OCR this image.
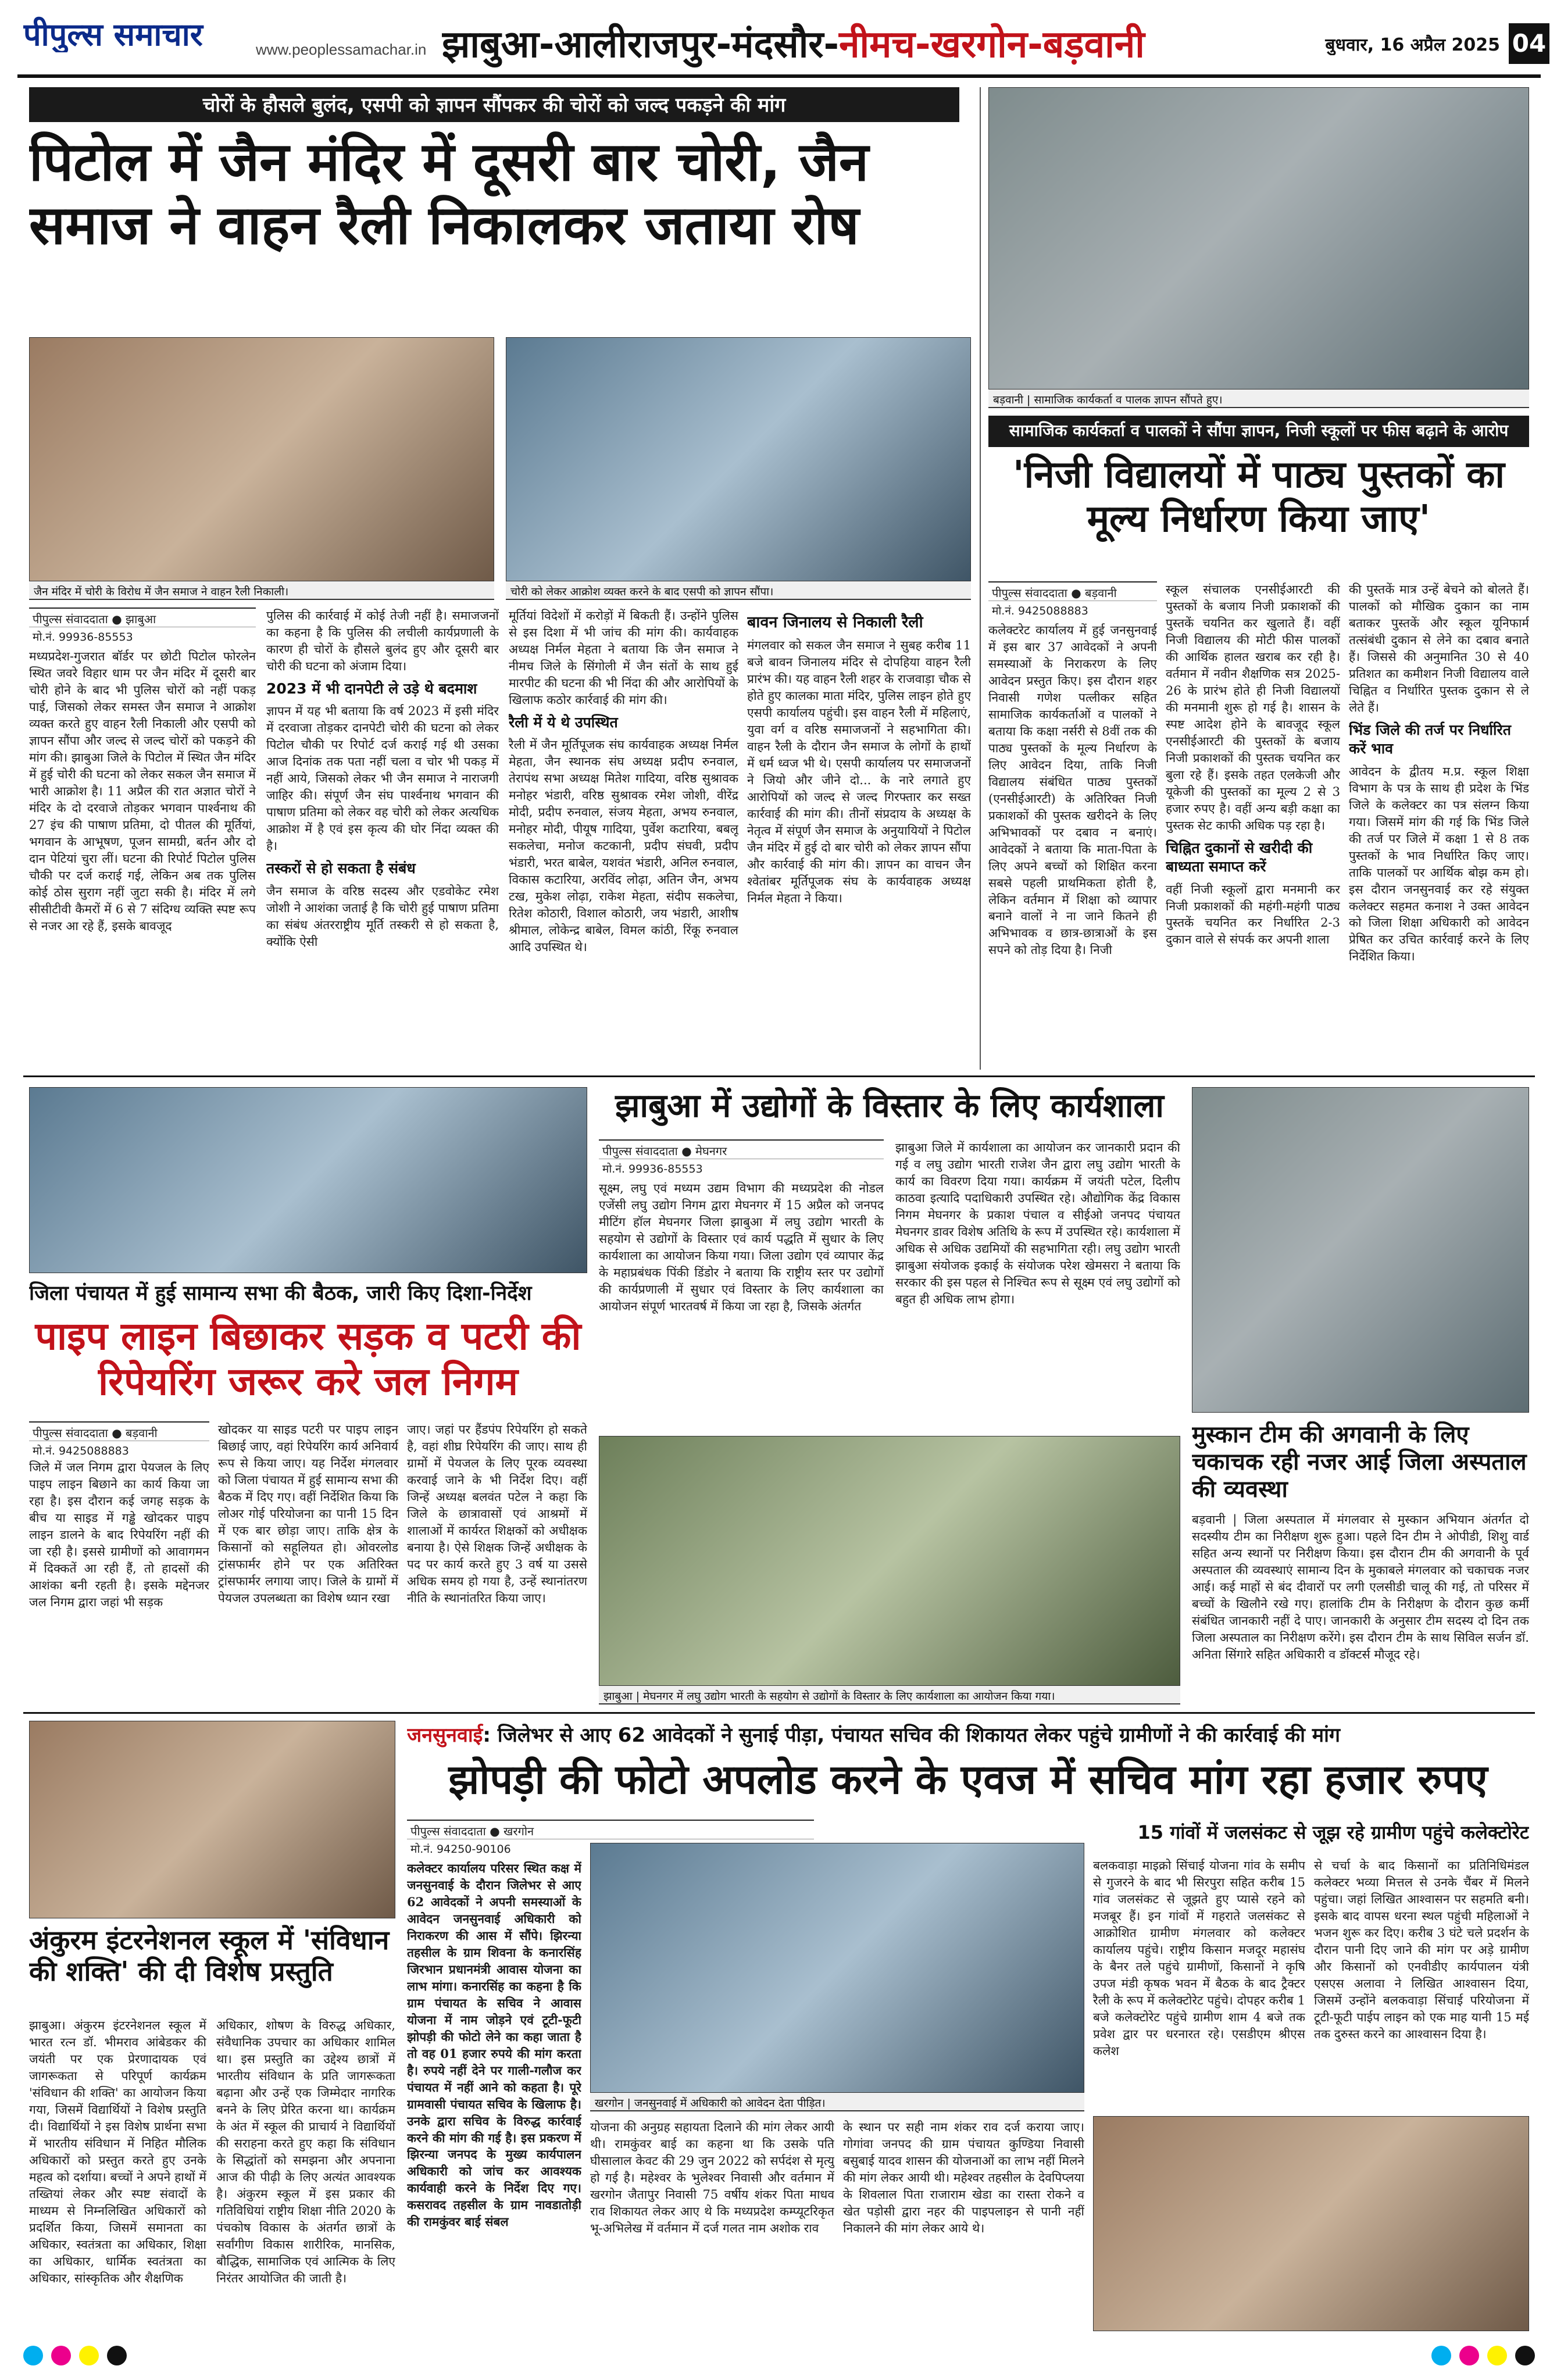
पीपुल्स समाचार	www.peoplessamachar.in झाबुआ-आलीराजपुर-मंदसौर-नीमच-खरगोन-बड़वानी	बुधवार, 16 अप्रैल 2025 04
चोरों के हौसले बुलंद, एसपी को ज्ञापन सौंपकर की चोरों को जल्द पकड़ने की मांग
पिटोल में जैन मंदिर में दूसरी बार चोरी, जैन समाज ने वाहन रैली निकालकर जताया रोष
जैन मंदिर में चोरी के विरोध में जैन समाज ने वाहन रैली निकाली।	चोरी को लेकर आक्रोश व्यक्त करने के बाद एसपी को ज्ञापन सौंपा।
पीपुल्स संवाददाता ● झाबुआ
मो.नं. 99936-85553
मध्यप्रदेश-गुजरात बॉर्डर पर छोटी पिटोल फोरलेन स्थित जवरे विहार धाम पर जैन मंदिर में दूसरी बार चोरी होने के बाद भी पुलिस चोरों को नहीं पकड़ पाई, जिसको लेकर समस्त जैन समाज ने आक्रोश व्यक्त करते हुए वाहन रैली निकाली और एसपी को ज्ञापन सौंपा और जल्द से जल्द चोरों को पकड़ने की मांग की। झाबुआ जिले के पिटोल में स्थित जैन मंदिर में हुई चोरी की घटना को लेकर सकल जैन समाज में भारी आक्रोश है। 11 अप्रैल की रात अज्ञात चोरों ने मंदिर के दो दरवाजे तोड़कर भगवान पार्श्वनाथ की 27 इंच की पाषाण प्रतिमा, दो पीतल की मूर्तियां, भगवान के आभूषण, पूजन सामग्री, बर्तन और दो दान पेटियां चुरा लीं। घटना की रिपोर्ट पिटोल पुलिस चौकी पर दर्ज कराई गई, लेकिन अब तक पुलिस कोई ठोस सुराग नहीं जुटा सकी है। मंदिर में लगे सीसीटीवी कैमरों में 6 से 7 संदिग्ध व्यक्ति स्पष्ट रूप से नजर आ रहे हैं, इसके बावजूद
पुलिस की कार्रवाई में कोई तेजी नहीं है। समाजजनों का कहना है कि पुलिस की लचीली कार्यप्रणाली के कारण ही चोरों के हौसले बुलंद हुए और दूसरी बार चोरी की घटना को अंजाम दिया।
2023 में भी दानपेटी ले उड़े थे बदमाश
ज्ञापन में यह भी बताया कि वर्ष 2023 में इसी मंदिर में दरवाजा तोड़कर दानपेटी चोरी की घटना को लेकर पिटोल चौकी पर रिपोर्ट दर्ज कराई गई थी उसका आज दिनांक तक पता नहीं चला व चोर भी पकड़ में नहीं आये, जिसको लेकर भी जैन समाज ने नाराजगी जाहिर की। संपूर्ण जैन संघ पार्श्वनाथ भगवान की पाषाण प्रतिमा को लेकर वह चोरी को लेकर अत्यधिक आक्रोश में है एवं इस कृत्य की घोर निंदा व्यक्त की है।
तस्करों से हो सकता है संबंध
जैन समाज के वरिष्ठ सदस्य और एडवोकेट रमेश जोशी ने आशंका जताई है कि चोरी हुई पाषाण प्रतिमा का संबंध अंतरराष्ट्रीय मूर्ति तस्करी से हो सकता है, क्योंकि ऐसी
मूर्तियां विदेशों में करोड़ों में बिकती हैं। उन्होंने पुलिस से इस दिशा में भी जांच की मांग की। कार्यवाहक अध्यक्ष निर्मल मेहता ने बताया कि जैन समाज ने नीमच जिले के सिंगोली में जैन संतों के साथ हुई मारपीट की घटना की भी निंदा की और आरोपियों के खिलाफ कठोर कार्रवाई की मांग की।
रैली में ये थे उपस्थित
रैली में जैन मूर्तिपूजक संघ कार्यवाहक अध्यक्ष निर्मल मेहता, जैन स्थानक संघ अध्यक्ष प्रदीप रुनवाल, तेरापंथ सभा अध्यक्ष मितेश गादिया, वरिष्ठ सुश्रावक मनोहर भंडारी, वरिष्ठ सुश्रावक रमेश जोशी, वीरेंद्र मोदी, प्रदीप रुनवाल, संजय मेहता, अभय रुनवाल, मनोहर मोदी, पीयूष गादिया, पुर्वेश कटारिया, बबलू सकलेचा, मनोज कटकानी, प्रदीप संघवी, प्रदीप भंडारी, भरत बाबेल, यशवंत भंडारी, अनिल रुनवाल, विकास कटारिया, अरविंद लोढ़ा, अतिन जैन, अभय टख, मुकेश लोढ़ा, राकेश मेहता, संदीप सकलेचा, रितेश कोठारी, विशाल कोठारी, जय भंडारी, आशीष श्रीमाल, लोकेन्द्र बाबेल, विमल कांठी, रिंकू रुनवाल आदि उपस्थित थे।
बावन जिनालय से निकाली रैली
मंगलवार को सकल जैन समाज ने सुबह करीब 11 बजे बावन जिनालय मंदिर से दोपहिया वाहन रैली प्रारंभ की। यह वाहन रैली शहर के राजवाड़ा चौक से होते हुए कालका माता मंदिर, पुलिस लाइन होते हुए एसपी कार्यालय पहुंची। इस वाहन रैली में महिलाएं, युवा वर्ग व वरिष्ठ समाजजनों ने सहभागिता की। वाहन रैली के दौरान जैन समाज के लोगों के हाथों में धर्म ध्वज भी थे। एसपी कार्यालय पर समाजजनों ने जियो और जीने दो... के नारे लगाते हुए आरोपियों को जल्द से जल्द गिरफ्तार कर सख्त कार्रवाई की मांग की। तीनों संप्रदाय के अध्यक्ष के नेतृत्व में संपूर्ण जैन समाज के अनुयायियों ने पिटोल जैन मंदिर में हुई दो बार चोरी को लेकर ज्ञापन सौंपा और कार्रवाई की मांग की। ज्ञापन का वाचन जैन श्वेतांबर मूर्तिपूजक संघ के कार्यवाहक अध्यक्ष निर्मल मेहता ने किया।
बड़वानी | सामाजिक कार्यकर्ता व पालक ज्ञापन सौंपते हुए।
सामाजिक कार्यकर्ता व पालकों ने सौंपा ज्ञापन, निजी स्कूलों पर फीस बढ़ाने के आरोप
'निजी विद्यालयों में पाठ्य पुस्तकों का मूल्य निर्धारण किया जाए'
पीपुल्स संवाददाता ● बड़वानी
मो.नं. 9425088883
कलेक्टरेट कार्यालय में हुई जनसुनवाई में इस बार 37 आवेदकों ने अपनी समस्याओं के निराकरण के लिए आवेदन प्रस्तुत किए। इस दौरान शहर निवासी गणेश पत्लीकर सहित सामाजिक कार्यकर्ताओं व पालकों ने बताया कि कक्षा नर्सरी से 8वीं तक की पाठ्य पुस्तकों के मूल्य निर्धारण के लिए आवेदन दिया, ताकि निजी विद्यालय संबंधित पाठ्य पुस्तकों (एनसीईआरटी) के अतिरिक्त निजी प्रकाशकों की पुस्तक खरीदने के लिए अभिभावकों पर दबाव न बनाएं। आवेदकों ने बताया कि माता-पिता के लिए अपने बच्चों को शिक्षित करना सबसे पहली प्राथमिकता होती है, लेकिन वर्तमान में शिक्षा को व्यापार बनाने वालों ने ना जाने कितने ही अभिभावक व छात्र-छात्राओं के इस सपने को तोड़ दिया है। निजी
स्कूल संचालक एनसीईआरटी की पुस्तकों के बजाय निजी प्रकाशकों की पुस्तकें चयनित कर खुलाते हैं। वहीं निजी विद्यालय की मोटी फीस पालकों की आर्थिक हालत खराब कर रही है। वर्तमान में नवीन शैक्षणिक सत्र 2025-26 के प्रारंभ होते ही निजी विद्यालयों की मनमानी शुरू हो गई है। शासन के स्पष्ट आदेश होने के बावजूद स्कूल एनसीईआरटी की पुस्तकों के बजाय निजी प्रकाशकों की पुस्तक चयनित कर बुला रहे हैं। इसके तहत एलकेजी और यूकेजी की पुस्तकों का मूल्य 2 से 3 हजार रुपए है। वहीं अन्य बड़ी कक्षा का पुस्तक सेट काफी अधिक पड़ रहा है।
चिह्नित दुकानों से खरीदी की बाध्यता समाप्त करें
वहीं निजी स्कूलों द्वारा मनमानी कर निजी प्रकाशकों की महंगी-महंगी पाठ्य पुस्तकें चयनित कर निर्धारित 2-3 दुकान वाले से संपर्क कर अपनी शाला
की पुस्तकें मात्र उन्हें बेचने को बोलते हैं। पालकों को मौखिक दुकान का नाम बताकर पुस्तकें और स्कूल यूनिफार्म तत्संबंधी दुकान से लेने का दबाव बनाते हैं। जिससे की अनुमानित 30 से 40 प्रतिशत का कमीशन निजी विद्यालय वाले चिह्नित व निर्धारित पुस्तक दुकान से ले लेते हैं।
भिंड जिले की तर्ज पर निर्धारित करें भाव
आवेदन के द्वीतय म.प्र. स्कूल शिक्षा विभाग के पत्र के साथ ही प्रदेश के भिंड जिले के कलेक्टर का पत्र संलग्न किया गया। जिसमें मांग की गई कि भिंड जिले की तर्ज पर जिले में कक्षा 1 से 8 तक पुस्तकों के भाव निर्धारित किए जाए। ताकि पालकों पर आर्थिक बोझ कम हो। इस दौरान जनसुनवाई कर रहे संयुक्त कलेक्टर सहमत कनाश ने उक्त आवेदन को जिला शिक्षा अधिकारी को आवेदन प्रेषित कर उचित कार्रवाई करने के लिए निर्देशित किया।
जिला पंचायत में हुई सामान्य सभा की बैठक, जारी किए दिशा-निर्देश
पाइप लाइन बिछाकर सड़क व पटरी की रिपेयरिंग जरूर करे जल निगम
पीपुल्स संवाददाता ● बड़वानी
मो.नं. 9425088883
जिले में जल निगम द्वारा पेयजल के लिए पाइप लाइन बिछाने का कार्य किया जा रहा है। इस दौरान कई जगह सड़क के बीच या साइड में गड्ढे खोदकर पाइप लाइन डालने के बाद रिपेयरिंग नहीं की जा रही है। इससे ग्रामीणों को आवागमन में दिक्कतें आ रही हैं, तो हादसों की आशंका बनी रहती है। इसके मद्देनजर जल निगम द्वारा जहां भी सड़क
खोदकर या साइड पटरी पर पाइप लाइन बिछाई जाए, वहां रिपेयरिंग कार्य अनिवार्य रूप से किया जाए। यह निर्देश मंगलवार को जिला पंचायत में हुई सामान्य सभा की बैठक में दिए गए। वहीं निर्देशित किया कि लोअर गोई परियोजना का पानी 15 दिन में एक बार छोड़ा जाए। ताकि क्षेत्र के किसानों को सहूलियत हो। ओवरलोड ट्रांसफार्मर होने पर एक अतिरिक्त ट्रांसफार्मर लगाया जाए। जिले के ग्रामों में पेयजल उपलब्धता का विशेष ध्यान रखा
जाए। जहां पर हैंडपंप रिपेयरिंग हो सकते है, वहां शीघ्र रिपेयरिंग की जाए। साथ ही ग्रामों में पेयजल के लिए पूरक व्यवस्था करवाई जाने के भी निर्देश दिए। वहीं जिन्हें अध्यक्ष बलवंत पटेल ने कहा कि जिले के छात्रावासों एवं आश्रमों में शालाओं में कार्यरत शिक्षकों को अधीक्षक बनाया है। ऐसे शिक्षक जिन्हें अधीक्षक के पद पर कार्य करते हुए 3 वर्ष या उससे अधिक समय हो गया है, उन्हें स्थानांतरण नीति के स्थानांतरित किया जाए।
झाबुआ में उद्योगों के विस्तार के लिए कार्यशाला
पीपुल्स संवाददाता ● मेघनगर
मो.नं. 99936-85553
सूक्ष्म, लघु एवं मध्यम उद्यम विभाग की मध्यप्रदेश की नोडल एजेंसी लघु उद्योग निगम द्वारा मेघनगर में 15 अप्रैल को जनपद मीटिंग हॉल मेघनगर जिला झाबुआ में लघु उद्योग भारती के सहयोग से उद्योगों के विस्तार एवं कार्य पद्धति में सुधार के लिए कार्यशाला का आयोजन किया गया। जिला उद्योग एवं व्यापार केंद्र के महाप्रबंधक पिंकी डिंडोर ने बताया कि राष्ट्रीय स्तर पर उद्योगों की कार्यप्रणाली में सुधार एवं विस्तार के लिए कार्यशाला का आयोजन संपूर्ण भारतवर्ष में किया जा रहा है, जिसके अंतर्गत
झाबुआ जिले में कार्यशाला का आयोजन कर जानकारी प्रदान की गई व लघु उद्योग भारती राजेश जैन द्वारा लघु उद्योग भारती के कार्य का विवरण दिया गया। कार्यक्रम में जयंती पटेल, दिलीप काठवा इत्यादि पदाधिकारी उपस्थित रहे। औद्योगिक केंद्र विकास निगम मेघनगर के प्रकाश पंचाल व सीईओ जनपद पंचायत मेघनगर डावर विशेष अतिथि के रूप में उपस्थित रहे। कार्यशाला में अधिक से अधिक उद्यमियों की सहभागिता रही। लघु उद्योग भारती झाबुआ संयोजक इकाई के संयोजक परेश खेमसरा ने बताया कि सरकार की इस पहल से निश्चित रूप से सूक्ष्म एवं लघु उद्योगों को बहुत ही अधिक लाभ होगा।
झाबुआ | मेघनगर में लघु उद्योग भारती के सहयोग से उद्योगों के विस्तार के लिए कार्यशाला का आयोजन किया गया।
मुस्कान टीम की अगवानी के लिए चकाचक रही नजर आई जिला अस्पताल की व्यवस्था
बड़वानी | जिला अस्पताल में मंगलवार से मुस्कान अभियान अंतर्गत दो सदस्यीय टीम का निरीक्षण शुरू हुआ। पहले दिन टीम ने ओपीडी, शिशु वार्ड सहित अन्य स्थानों पर निरीक्षण किया। इस दौरान टीम की अगवानी के पूर्व अस्पताल की व्यवस्थाएं सामान्य दिन के मुकाबले मंगलवार को चकाचक नजर आई। कई माहों से बंद दीवारों पर लगी एलसीडी चालू की गई, तो परिसर में बच्चों के खिलौने रखे गए। हालांकि टीम के निरीक्षण के दौरान कुछ कर्मी संबंधित जानकारी नहीं दे पाए। जानकारी के अनुसार टीम सदस्य दो दिन तक जिला अस्पताल का निरीक्षण करेंगे। इस दौरान टीम के साथ सिविल सर्जन डॉ. अनिता सिंगारे सहित अधिकारी व डॉक्टर्स मौजूद रहे।
जनसुनवाई: जिलेभर से आए 62 आवेदकों ने सुनाई पीड़ा, पंचायत सचिव की शिकायत लेकर पहुंचे ग्रामीणों ने की कार्रवाई की मांग
झोपड़ी की फोटो अपलोड करने के एवज में सचिव मांग रहा हजार रुपए
अंकुरम इंटरनेशनल स्कूल में 'संविधान की शक्ति' की दी विशेष प्रस्तुति
झाबुआ। अंकुरम इंटरनेशनल स्कूल में भारत रत्न डॉ. भीमराव आंबेडकर की जयंती पर एक प्रेरणादायक एवं जागरूकता से परिपूर्ण कार्यक्रम 'संविधान की शक्ति' का आयोजन किया गया, जिसमें विद्यार्थियों ने विशेष प्रस्तुति दी। विद्यार्थियों ने इस विशेष प्रार्थना सभा में भारतीय संविधान में निहित मौलिक अधिकारों को प्रस्तुत करते हुए उनके महत्व को दर्शाया। बच्चों ने अपने हाथों में तख्तियां लेकर और स्पष्ट संवादों के माध्यम से निम्नलिखित अधिकारों को प्रदर्शित किया, जिसमें समानता का अधिकार, स्वतंत्रता का अधिकार, शिक्षा का अधिकार, धार्मिक स्वतंत्रता का अधिकार, सांस्कृतिक और शैक्षणिक
अधिकार, शोषण के विरुद्ध अधिकार, संवैधानिक उपचार का अधिकार शामिल था। इस प्रस्तुति का उद्देश्य छात्रों में भारतीय संविधान के प्रति जागरूकता बढ़ाना और उन्हें एक जिम्मेदार नागरिक बनने के लिए प्रेरित करना था। कार्यक्रम के अंत में स्कूल की प्राचार्य ने विद्यार्थियों की सराहना करते हुए कहा कि संविधान के सिद्धांतों को समझना और अपनाना आज की पीढ़ी के लिए अत्यंत आवश्यक है। अंकुरम स्कूल में इस प्रकार की गतिविधियां राष्ट्रीय शिक्षा नीति 2020 के पंचकोष विकास के अंतर्गत छात्रों के सर्वांगीण विकास शारीरिक, मानसिक, बौद्धिक, सामाजिक एवं आत्मिक के लिए निरंतर आयोजित की जाती है।
पीपुल्स संवाददाता ● खरगोन
मो.नं. 94250-90106
कलेक्टर कार्यालय परिसर स्थित कक्ष में जनसुनवाई के दौरान जिलेभर से आए 62 आवेदकों ने अपनी समस्याओं के आवेदन जनसुनवाई अधिकारी को निराकरण की आस में सौंपे। झिरन्या तहसील के ग्राम शिवना के कनारसिंह जिरभान प्रधानमंत्री आवास योजना का लाभ मांगा। कनारसिंह का कहना है कि ग्राम पंचायत के सचिव ने आवास योजना में नाम जोड़ने एवं टूटी-फूटी झोपड़ी की फोटो लेने का कहा जाता है तो वह 01 हजार रुपये की मांग करता है। रुपये नहीं देने पर गाली-गलौज कर पंचायत में नहीं आने को कहता है। पूरे ग्रामवासी पंचायत सचिव के खिलाफ है। उनके द्वारा सचिव के विरुद्ध कार्रवाई करने की मांग की गई है। इस प्रकरण में झिरन्या जनपद के मुख्य कार्यपालन अधिकारी को जांच कर आवश्यक कार्यवाही करने के निर्देश दिए गए। कसरावद तहसील के ग्राम नावडातोड़ी की रामकुंवर बाई संबल
खरगोन | जनसुनवाई में अधिकारी को आवेदन देता पीड़ित।
योजना की अनुग्रह सहायता दिलाने की मांग लेकर आयी थी। रामकुंवर बाई का कहना था कि उसके पति घीसालाल केवट की 29 जुन 2022 को सर्पदंश से मृत्यु हो गई है। महेश्वर के भुलेश्वर निवासी और वर्तमान में खरगोन जैतापुर निवासी 75 वर्षीय शंकर पिता माधव राव शिकायत लेकर आए थे कि मध्यप्रदेश कम्प्यूटरिकृत भू-अभिलेख में वर्तमान में दर्ज गलत नाम अशोक राव
के स्थान पर सही नाम शंकर राव दर्ज कराया जाए। गोगांवा जनपद की ग्राम पंचायत कुण्डिया निवासी बसुबाई यादव शासन की योजनाओं का लाभ नहीं मिलने की मांग लेकर आयी थी। महेश्वर तहसील के देवपिप्लया के शिवलाल पिता राजाराम खेडा का रास्ता रोकने व खेत पड़ोसी द्वारा नहर की पाइपलाइन से पानी नहीं निकालने की मांग लेकर आये थे।
15 गांवों में जलसंकट से जूझ रहे ग्रामीण पहुंचे कलेक्टोरेट
बलकवाड़ा माइक्रो सिंचाई योजना गांव के समीप से गुजरने के बाद भी सिरपुरा सहित करीब 15 गांव जलसंकट से जूझते हुए प्यासे रहने को मजबूर हैं। इन गांवों में गहराते जलसंकट से आक्रोशित ग्रामीण मंगलवार को कलेक्टर कार्यालय पहुंचे। राष्ट्रीय किसान मजदूर महासंघ के बैनर तले पहुंचे ग्रामीणों, किसानों ने कृषि उपज मंडी कृषक भवन में बैठक के बाद ट्रैक्टर रैली के रूप में कलेक्टोरेट पहुंचे। दोपहर करीब 1 बजे कलेक्टोरेट पहुंचे ग्रामीण शाम 4 बजे तक प्रवेश द्वार पर धरनारत रहे। एसडीएम श्रीएस कलेश
से चर्चा के बाद किसानों का प्रतिनिधिमंडल कलेक्टर भव्या मित्तल से उनके चैंबर में मिलने पहुंचा। जहां लिखित आश्वासन पर सहमति बनी। इसके बाद वापस धरना स्थल पहुंची महिलाओं ने भजन शुरू कर दिए। करीब 3 घंटे चले प्रदर्शन के दौरान पानी दिए जाने की मांग पर अड़े ग्रामीण और किसानों को एनवीडीए कार्यपालन यंत्री एसएस अलावा ने लिखित आश्वासन दिया, जिसमें उन्होंने बलकवाड़ा सिंचाई परियोजना में टूटी-फूटी पाईप लाइन को एक माह यानी 15 मई तक दुरुस्त करने का आश्वासन दिया है।
